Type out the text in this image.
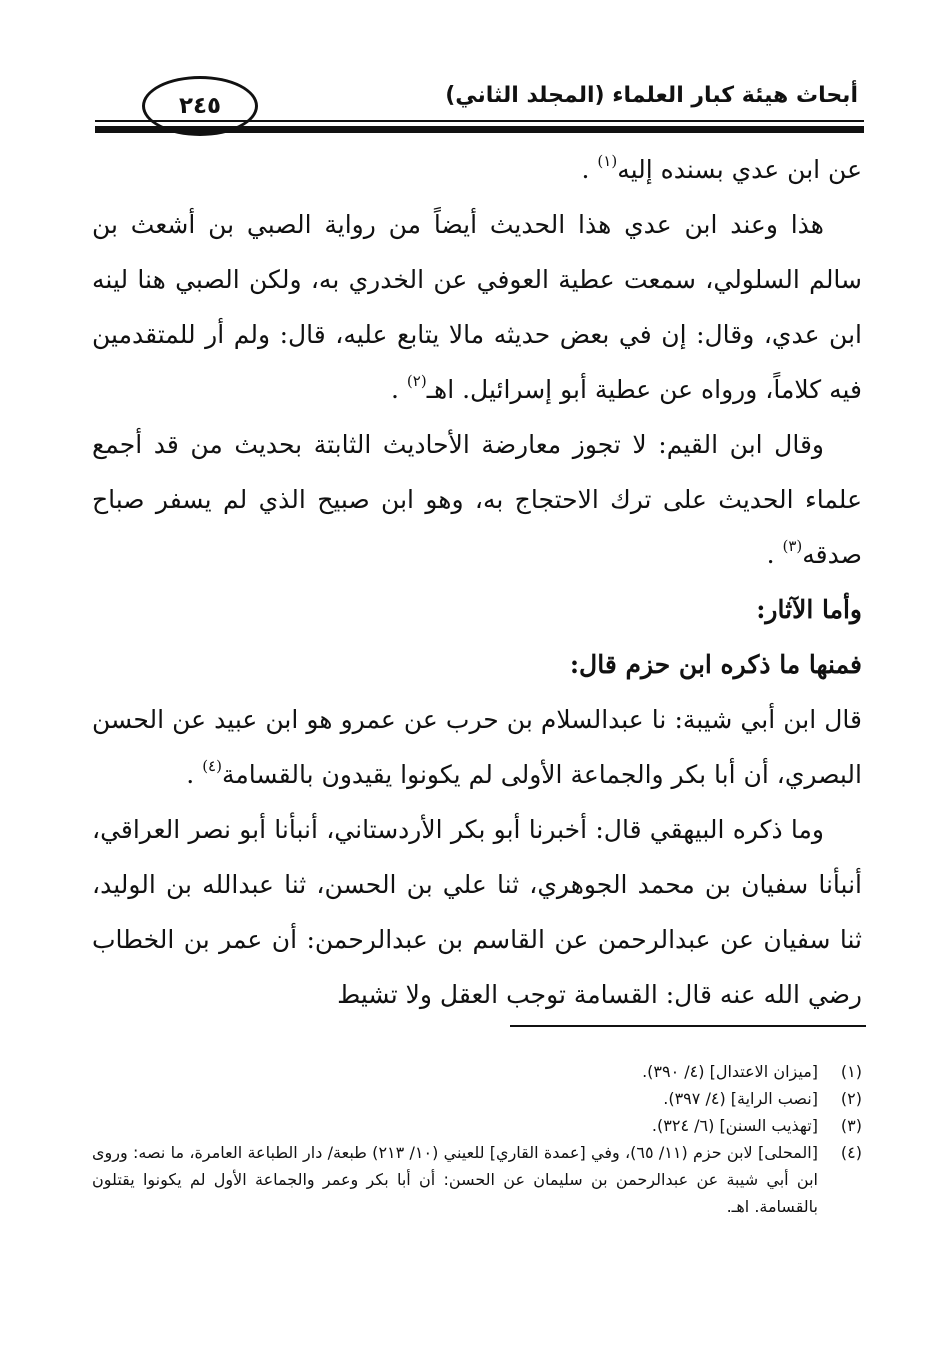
أبحاث هيئة كبار العلماء (المجلد الثاني)
٢٤٥

عن ابن عدي بسنده إليه$^{(١)}$ .

هذا وعند ابن عدي هذا الحديث أيضاً من رواية الصبي بن أشعث بن سالم السلولي، سمعت عطية العوفي عن الخدري به، ولكن الصبي هنا لينه ابن عدي، وقال: إن في بعض حديثه مالا يتابع عليه، قال: ولم أر للمتقدمين فيه كلاماً، ورواه عن عطية أبو إسرائيل. اهـ$^{(٢)}$ .

وقال ابن القيم: لا تجوز معارضة الأحاديث الثابتة بحديث من قد أجمع علماء الحديث على ترك الاحتجاج به، وهو ابن صبيح الذي لم يسفر صباح صدقه$^{(٣)}$ .

وأما الآثار:

فمنها ما ذكره ابن حزم قال:

قال ابن أبي شيبة: نا عبدالسلام بن حرب عن عمرو هو ابن عبيد عن الحسن البصري، أن أبا بكر والجماعة الأولى لم يكونوا يقيدون بالقسامة$^{(٤)}$ .

وما ذكره البيهقي قال: أخبرنا أبو بكر الأردستاني، أنبأنا أبو نصر العراقي، أنبأنا سفيان بن محمد الجوهري، ثنا علي بن الحسن، ثنا عبدالله بن الوليد، ثنا سفيان عن عبدالرحمن عن القاسم بن عبدالرحمن: أن عمر بن الخطاب رضي الله عنه قال: القسامة توجب العقل ولا تشيط

(١)
[ميزان الاعتدال] (٤/ ٣٩٠).
(٢)
[نصب الراية] (٤/ ٣٩٧).
(٣)
[تهذيب السنن] (٦/ ٣٢٤).
(٤)
[المحلى] لابن حزم (١١/ ٦٥)، وفي [عمدة القاري] للعيني (١٠/ ٢١٣) طبعة/ دار الطباعة العامرة، ما نصه: وروى ابن أبي شيبة عن عبدالرحمن بن سليمان عن الحسن: أن أبا بكر وعمر والجماعة الأول لم يكونوا يقتلون بالقسامة. اهـ.
